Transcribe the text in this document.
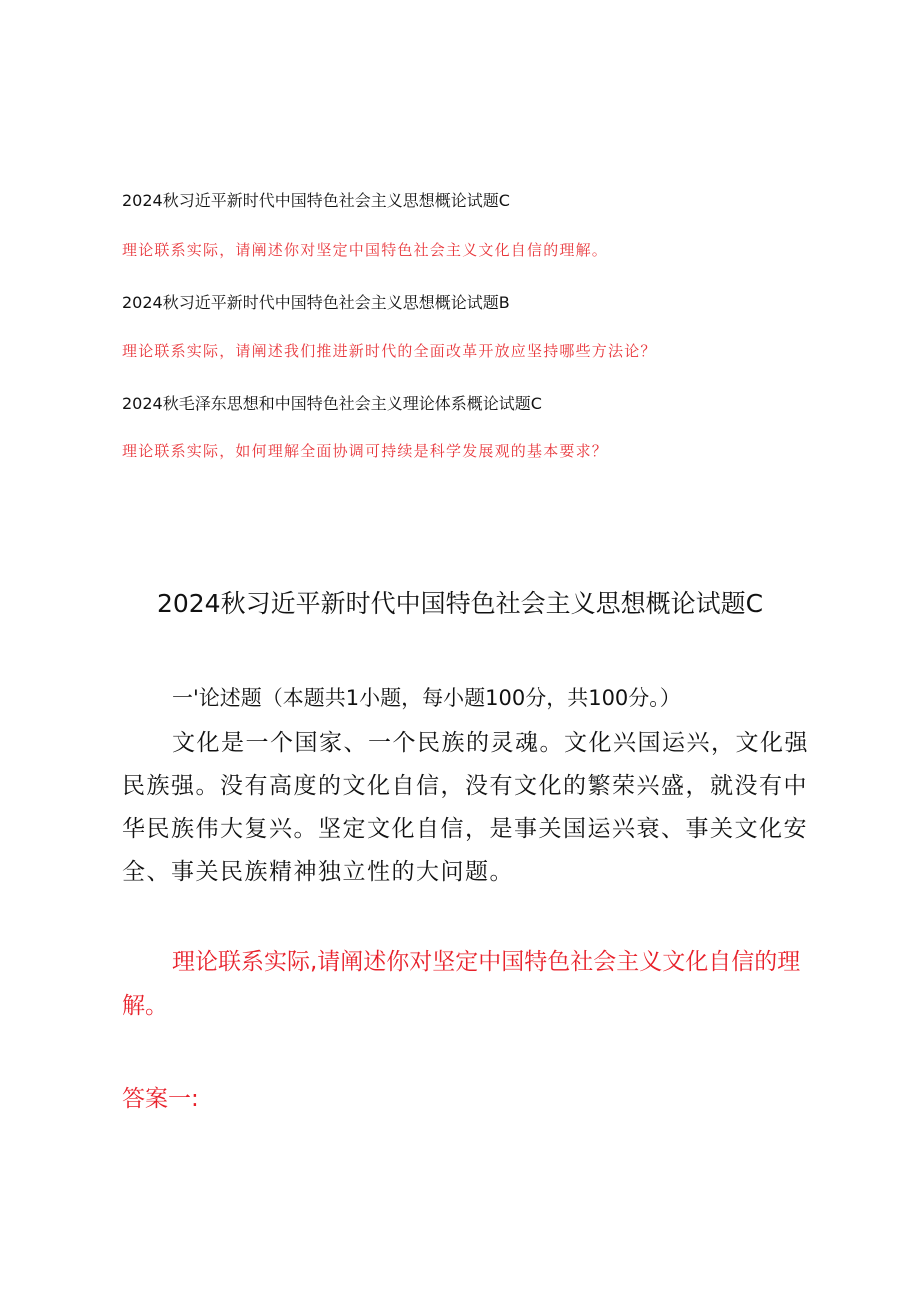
2024秋习近平新时代中国特色社会主义思想概论试题C

理论联系实际，请阐述你对坚定中国特色社会主义文化自信的理解。

2024秋习近平新时代中国特色社会主义思想概论试题B

理论联系实际，请阐述我们推进新时代的全面改革开放应坚持哪些方法论？

2024秋毛泽东思想和中国特色社会主义理论体系概论试题C

理论联系实际，如何理解全面协调可持续是科学发展观的基本要求？

2024秋习近平新时代中国特色社会主义思想概论试题C

一'论述题（本题共1小题，每小题100分，共100分。）

文化是一个国家、一个民族的灵魂。文化兴国运兴，文化强民族强。没有高度的文化自信，没有文化的繁荣兴盛，就没有中华民族伟大复兴。坚定文化自信，是事关国运兴衰、事关文化安全、事关民族精神独立性的大问题。

理论联系实际,请阐述你对坚定中国特色社会主义文化自信的理解。

答案一:
